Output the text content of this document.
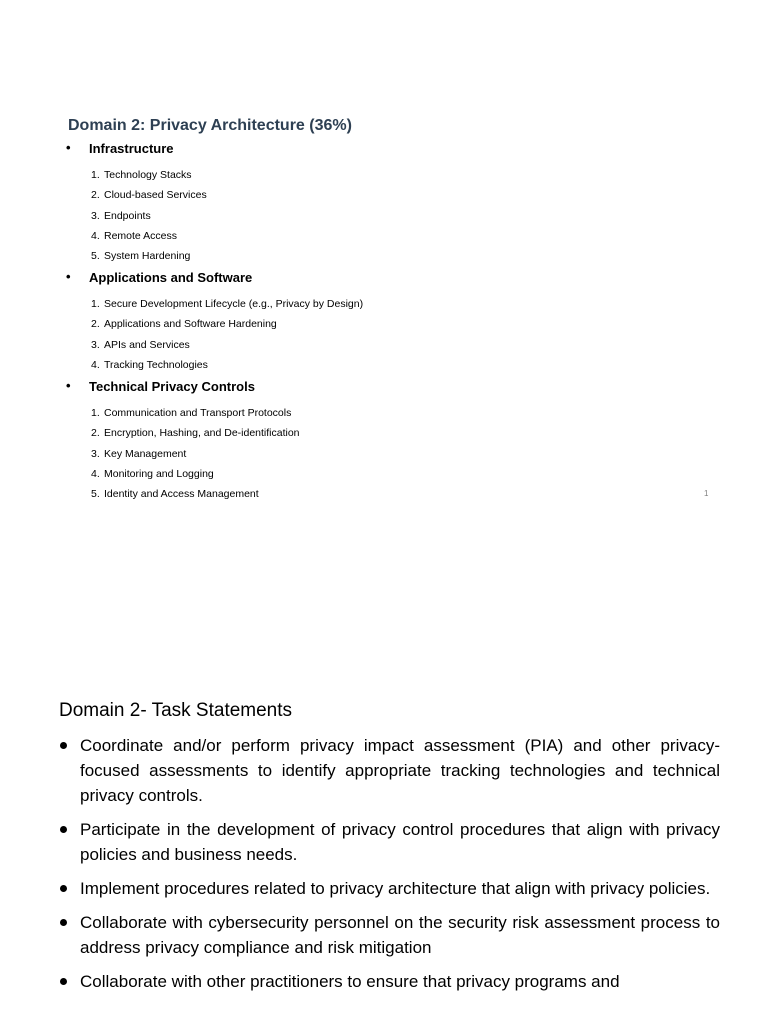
Domain 2: Privacy Architecture (36%)
• Infrastructure
1. Technology Stacks
2. Cloud-based Services
3. Endpoints
4. Remote Access
5. System Hardening
• Applications and Software
1. Secure Development Lifecycle (e.g., Privacy by Design)
2. Applications and Software Hardening
3. APIs and Services
4. Tracking Technologies
• Technical Privacy Controls
1. Communication and Transport Protocols
2. Encryption, Hashing, and De-identification
3. Key Management
4. Monitoring and Logging
5. Identity and Access Management	1
Domain 2- Task Statements
Coordinate and/or perform privacy impact assessment (PIA) and other privacy-focused assessments to identify appropriate tracking technologies and technical privacy controls.
Participate in the development of privacy control procedures that align with privacy policies and business needs.
Implement procedures related to privacy architecture that align with privacy policies.
Collaborate with cybersecurity personnel on the security risk assessment process to address privacy compliance and risk mitigation
Collaborate with other practitioners to ensure that privacy programs and
